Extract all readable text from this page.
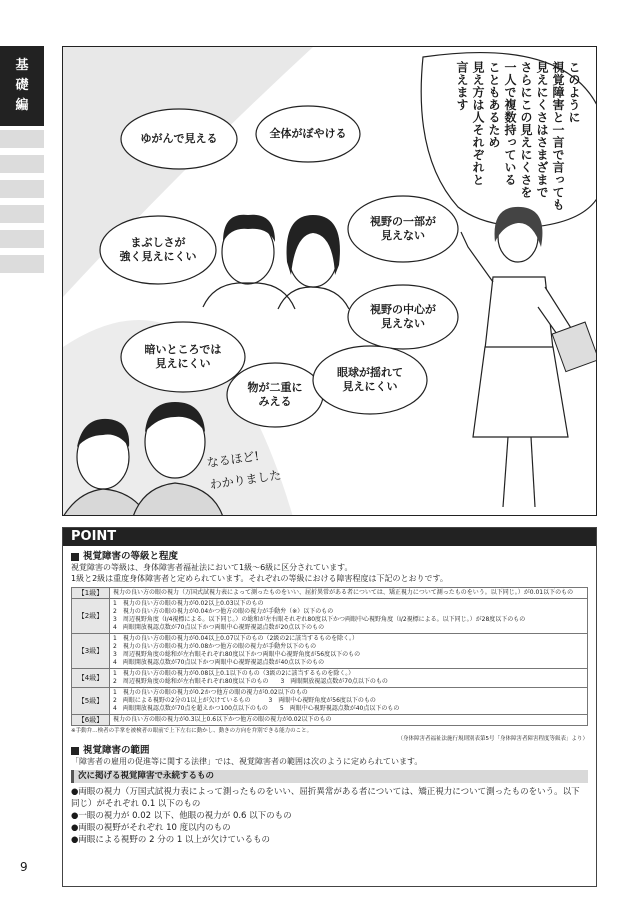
基
礎
編
ゆがんで見える	全体がぼやける
まぶしさが
強く見えにくい
視野の一部が
見えない
視野の中心が
見えない
暗いところでは
見えにくい
物が二重に
みえる
眼球が揺れて
見えにくい
このように
視覚障害と一言で言っても
見えにくさはさまざまで
さらにこの見えにくさを
一人で複数持っている
こともあるため
見え方は人それぞれと
言えます
なるほど!
わかりました
POINT
視覚障害の等級と程度
視覚障害の等級は、身体障害者福祉法において1級～6級に区分されています。
1級と2級は重度身体障害者と定められています。それぞれの等級における障害程度は下記のとおりです。
【1級】	視力の良い方の眼の視力（万国式試視力表によって測ったものをいい、屈折異常がある者については、矯正視力について測ったものをいう。以下同じ。）が0.01以下のもの
【2級】	1　視力の良い方の眼の視力が0.02以上0.03以下のもの
2　視力の良い方の眼の視力が0.04かつ他方の眼の視力が手動弁（※）以下のもの
3　周辺視野角度（Ⅰ/4視標による。以下同じ。）の総和が左右眼それぞれ80度以下かつ両眼中心視野角度（Ⅰ/2視標による。以下同じ。）が28度以下のもの
4　両眼開放視認点数が70点以下かつ両眼中心視野視認点数が20点以下のもの
【3級】	1　視力の良い方の眼の視力が0.04以上0.07以下のもの（2級の2に該当するものを除く。）
2　視力の良い方の眼の視力が0.08かつ他方の眼の視力が手動弁以下のもの
3　周辺視野角度の総和が左右眼それぞれ80度以下かつ両眼中心視野角度が56度以下のもの
4　両眼開放視認点数が70点以下かつ両眼中心視野視認点数が40点以下のもの
【4級】	1　視力の良い方の眼の視力が0.08以上0.1以下のもの（3級の2に該当するものを除く。）
2　周辺視野角度の総和が左右眼それぞれ80度以下のもの　　3　両眼開放視認点数が70点以下のもの
【5級】	1　視力の良い方の眼の視力が0.2かつ他方の眼の視力が0.02以下のもの
2　両眼による視野の2分の1以上が欠けているもの　　　3　両眼中心視野角度が56度以下のもの
4　両眼開放視認点数が70点を超えかつ100点以下のもの　　5　両眼中心視野視認点数が40点以下のもの
【6級】	視力の良い方の眼の視力が0.3以上0.6以下かつ他方の眼の視力が0.02以下のもの
※手動弁…検者の手掌を被検者の眼前で上下左右に動かし、動きの方向を弁別できる能力のこと。
（身体障害者福祉法施行規則別表第5号「身体障害者障害程度等級表」より）
視覚障害の範囲
「障害者の雇用の促進等に関する法律」では、視覚障害者の範囲は次のように定められています。
次に掲げる視覚障害で永続するもの
●両眼の視力（万国式試視力表によって測ったものをいい、屈折異常がある者については、矯正視力について測ったものをいう。以下同じ）がそれぞれ 0.1 以下のもの
●一眼の視力が 0.02 以下、他眼の視力が 0.6 以下のもの
●両眼の視野がそれぞれ 10 度以内のもの
●両眼による視野の 2 分の 1 以上が欠けているもの
9
